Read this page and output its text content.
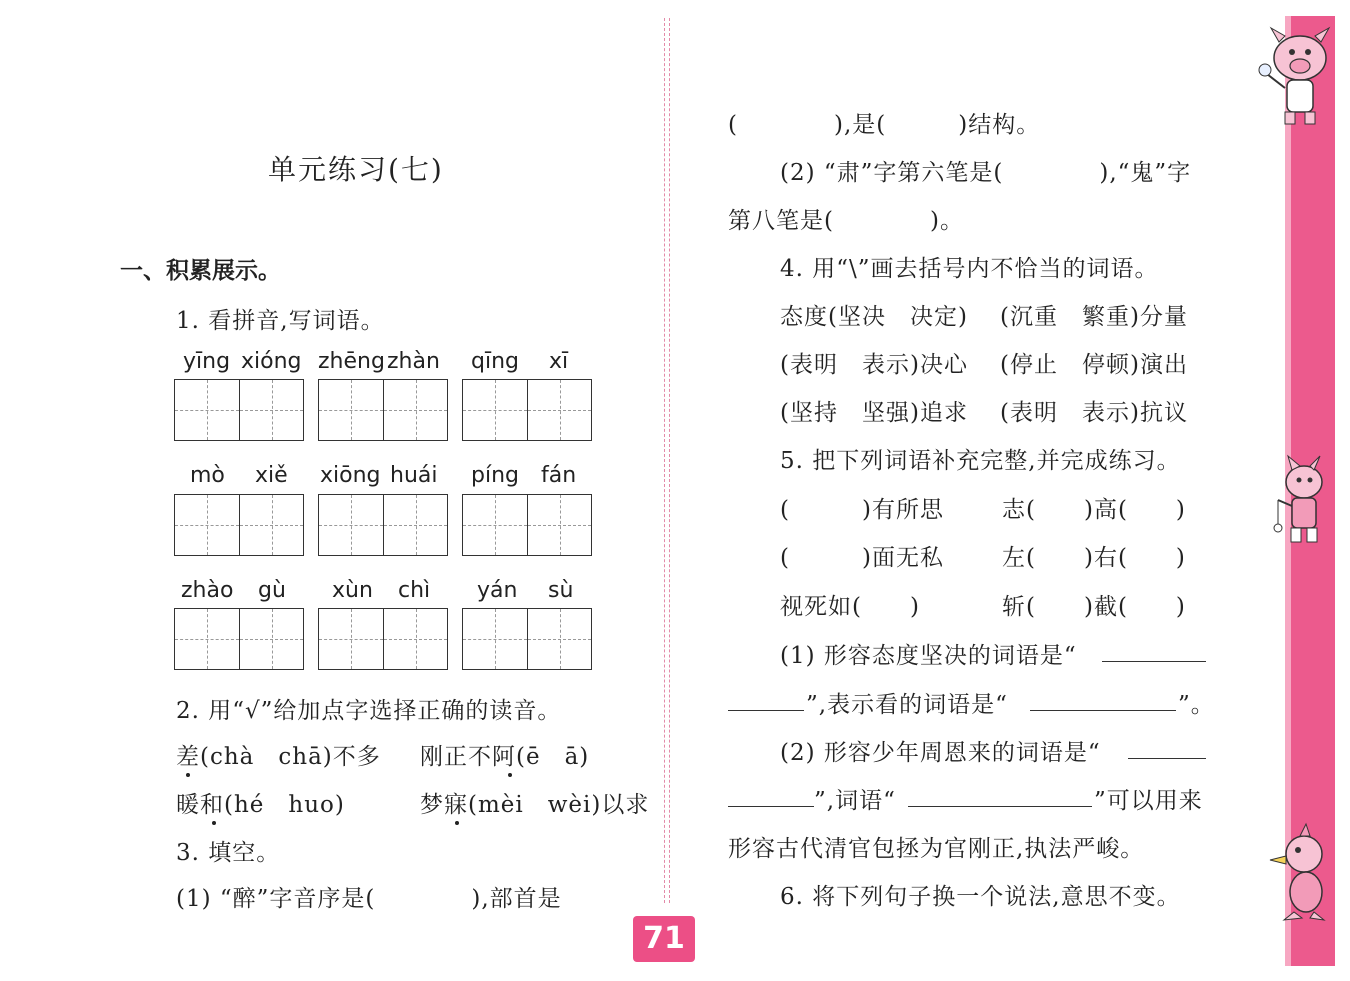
71
单元练习(七)
一、积累展示。
1. 看拼音,写词语。
yīng xióng zhēng zhàn qīng xī
mò xiě xiōng huái píng fán
zhào gù xùn chì yán sù
2. 用“√”给加点字选择正确的读音。
差(chà　chā)不多 刚正不阿(ē　ā)
暖和(hé　huo)	梦寐(mèi　wèi)以求
3. 填空。
(1) “醉”字音序是(　　　　),部首是
(　　　　),是(　　　)结构。
(2) “肃”字第六笔是(　　　　),“鬼”字
第八笔是(　　　　)。
4. 用“\”画去括号内不恰当的词语。
态度(坚决　决定) (沉重　繁重)分量
(表明　表示)决心 (停止　停顿)演出
(坚持　坚强)追求 (表明　表示)抗议
5. 把下列词语补充完整,并完成练习。
(　　　)有所思	志(　　)高(　　)
(　　　)面无私	左(　　)右(　　)
视死如(　　)	斩(　　)截(　　)
(1) 形容态度坚决的词语是“
”,表示看的词语是“	”。
(2) 形容少年周恩来的词语是“
”,词语“	”可以用来
形容古代清官包拯为官刚正,执法严峻。
6. 将下列句子换一个说法,意思不变。
